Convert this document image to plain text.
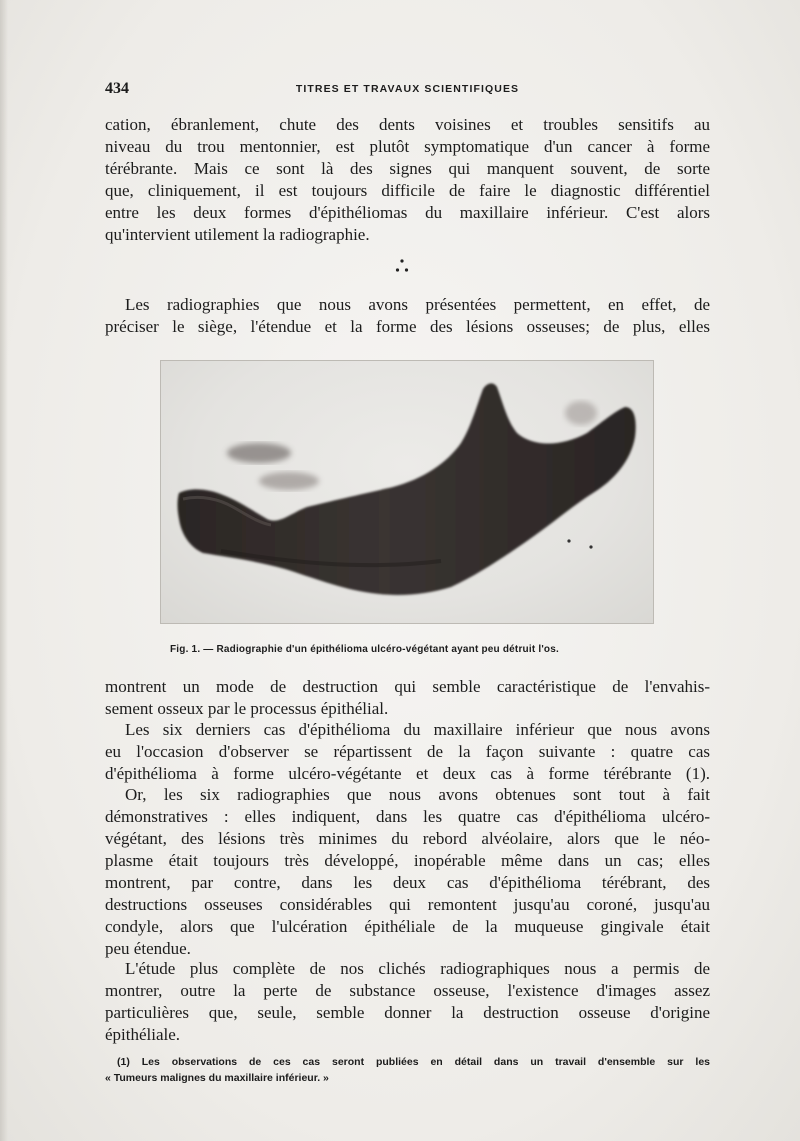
434	TITRES ET TRAVAUX SCIENTIFIQUES
cation, ébranlement, chute des dents voisines et troubles sensitifs au
niveau du trou mentonnier, est plutôt symptomatique d'un cancer à forme
térébrante. Mais ce sont là des signes qui manquent souvent, de sorte
que, cliniquement, il est toujours difficile de faire le diagnostic différentiel
entre les deux formes d'épithéliomas du maxillaire inférieur. C'est alors
qu'intervient utilement la radiographie.
Les radiographies que nous avons présentées permettent, en effet, de
préciser le siège, l'étendue et la forme des lésions osseuses; de plus, elles
Fig. 1. — Radiographie d'un épithélioma ulcéro-végétant ayant peu détruit l'os.
montrent un mode de destruction qui semble caractéristique de l'envahis-
sement osseux par le processus épithélial.
Les six derniers cas d'épithélioma du maxillaire inférieur que nous avons
eu l'occasion d'observer se répartissent de la façon suivante : quatre cas
d'épithélioma à forme ulcéro-végétante et deux cas à forme térébrante (1).
Or, les six radiographies que nous avons obtenues sont tout à fait
démonstratives : elles indiquent, dans les quatre cas d'épithélioma ulcéro-
végétant, des lésions très minimes du rebord alvéolaire, alors que le néo-
plasme était toujours très développé, inopérable même dans un cas; elles
montrent, par contre, dans les deux cas d'épithélioma térébrant, des
destructions osseuses considérables qui remontent jusqu'au coroné, jusqu'au
condyle, alors que l'ulcération épithéliale de la muqueuse gingivale était
peu étendue.
L'étude plus complète de nos clichés radiographiques nous a permis de
montrer, outre la perte de substance osseuse, l'existence d'images assez
particulières que, seule, semble donner la destruction osseuse d'origine
épithéliale.
(1) Les observations de ces cas seront publiées en détail dans un travail d'ensemble sur les
« Tumeurs malignes du maxillaire inférieur. »
